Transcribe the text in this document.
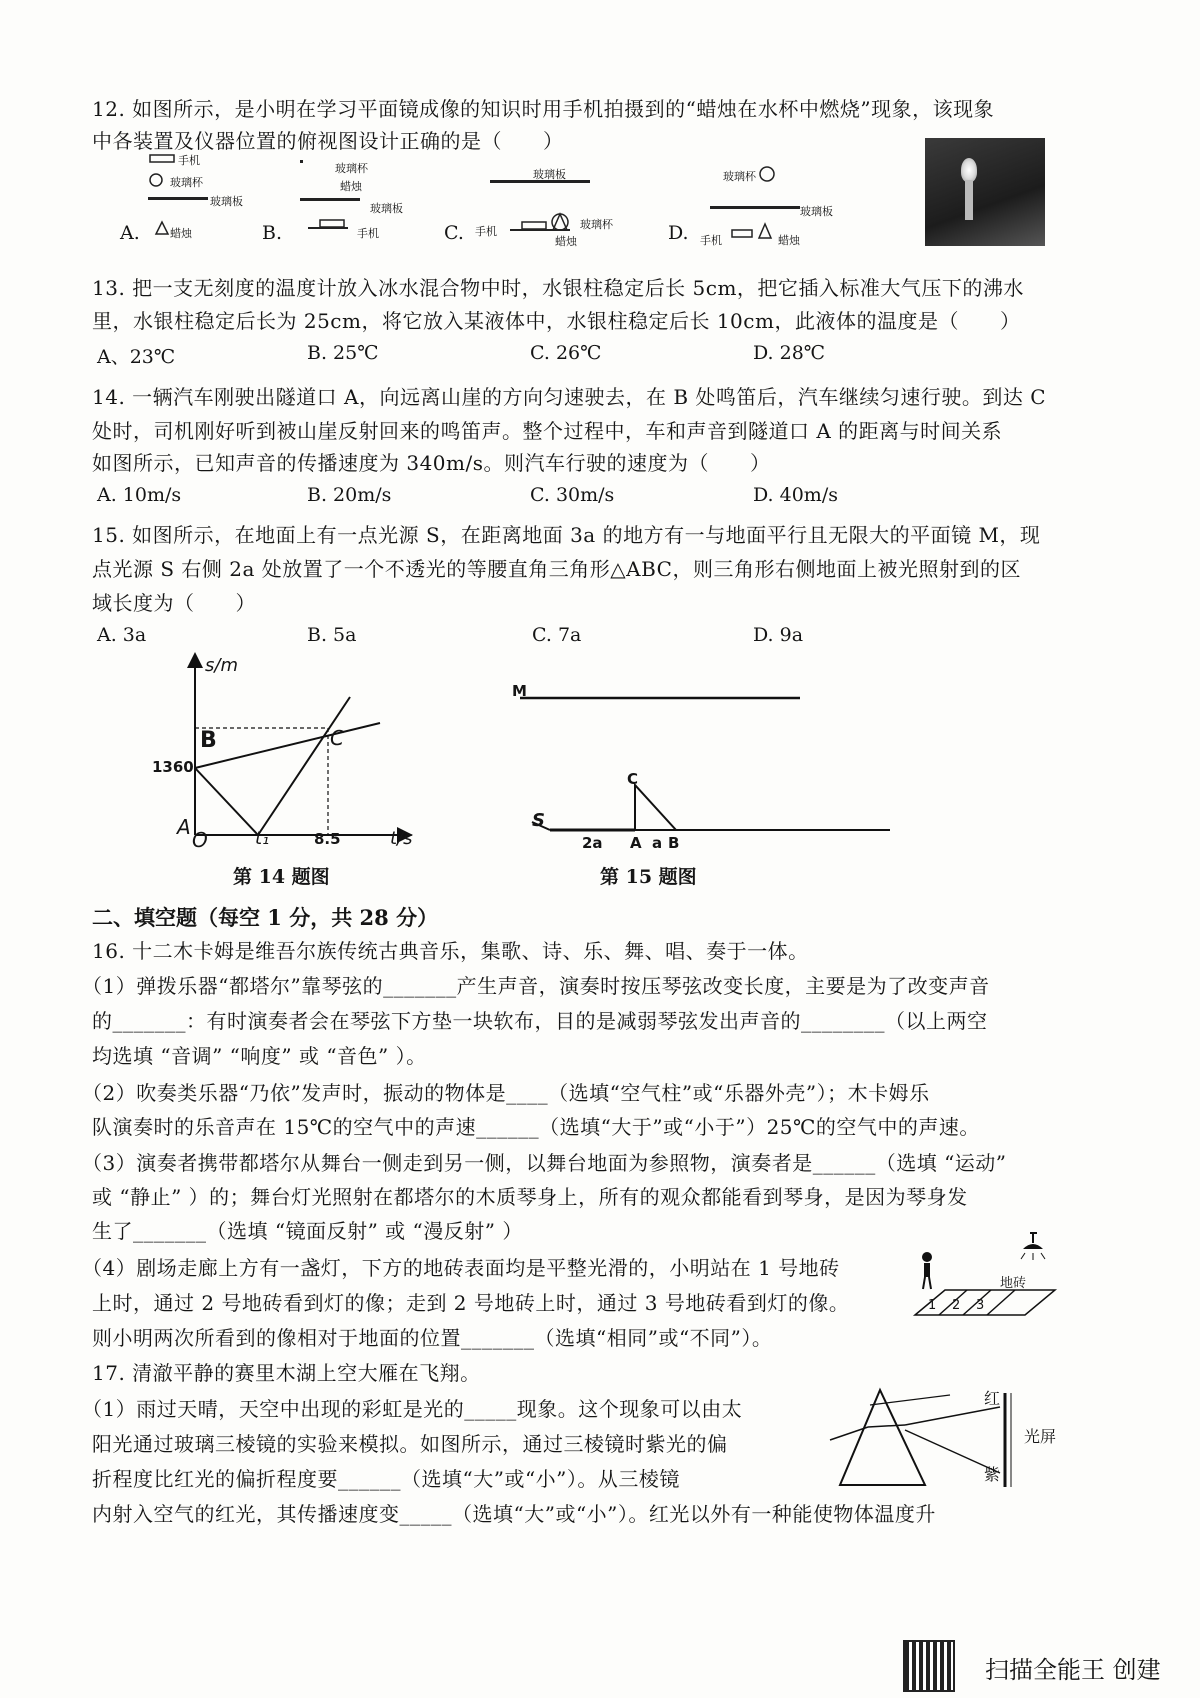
12. 如图所示，是小明在学习平面镜成像的知识时用手机拍摄到的“蜡烛在水杯中燃烧”现象，该现象
中各装置及仪器位置的俯视图设计正确的是（　　）
手机
玻璃杯
玻璃板
蜡烛
A.
玻璃杯
蜡烛
玻璃板
手机
B.
玻璃板
手机
玻璃杯
蜡烛
C.
玻璃杯
玻璃板
手机	蜡烛
D.
13. 把一支无刻度的温度计放入冰水混合物中时，水银柱稳定后长 5cm，把它插入标准大气压下的沸水
里，水银柱稳定后长为 25cm，将它放入某液体中，水银柱稳定后长 10cm，此液体的温度是（　　）
A、23℃	B. 25℃	C. 26℃	D. 28℃
14. 一辆汽车刚驶出隧道口 A，向远离山崖的方向匀速驶去，在 B 处鸣笛后，汽车继续匀速行驶。到达 C
处时，司机刚好听到被山崖反射回来的鸣笛声。整个过程中，车和声音到隧道口 A 的距离与时间关系
如图所示，已知声音的传播速度为 340m/s。则汽车行驶的速度为（　　）
A. 10m/s	B. 20m/s	C. 30m/s	D. 40m/s
15. 如图所示，在地面上有一点光源 S，在距离地面 3a 的地方有一与地面平行且无限大的平面镜 M，现
点光源 S 右侧 2a 处放置了一个不透光的等腰直角三角形△ABC，则三角形右侧地面上被光照射到的区
域长度为（　　）
A. 3a	B. 5a	C. 7a	D. 9a
s/m
t/s
1360
B	C
A
O	t₁	8.5
第 14 题图
M
S
C
2a A a B
第 15 题图
二、填空题（每空 1 分，共 28 分）
16. 十二木卡姆是维吾尔族传统古典音乐，集歌、诗、乐、舞、唱、奏于一体。
（1）弹拨乐器“都塔尔”靠琴弦的_______产生声音，演奏时按压琴弦改变长度，主要是为了改变声音
的_______：有时演奏者会在琴弦下方垫一块软布，目的是减弱琴弦发出声音的________（以上两空
均选填 “音调” “响度” 或 “音色” ）。
（2）吹奏类乐器“乃依”发声时，振动的物体是____（选填“空气柱”或“乐器外壳”）；木卡姆乐
队演奏时的乐音声在 15℃的空气中的声速______（选填“大于”或“小于”）25℃的空气中的声速。
（3）演奏者携带都塔尔从舞台一侧走到另一侧，以舞台地面为参照物，演奏者是______（选填 “运动”
或 “静止” ）的；舞台灯光照射在都塔尔的木质琴身上，所有的观众都能看到琴身，是因为琴身发
生了_______（选填 “镜面反射” 或 “漫反射” ）
（4）剧场走廊上方有一盏灯，下方的地砖表面均是平整光滑的，小明站在 1 号地砖
上时，通过 2 号地砖看到灯的像；走到 2 号地砖上时，通过 3 号地砖看到灯的像。
则小明两次所看到的像相对于地面的位置_______（选填“相同”或“不同”）。
地砖
1 2 3
17. 清澈平静的赛里木湖上空大雁在飞翔。
（1）雨过天晴，天空中出现的彩虹是光的_____现象。这个现象可以由太
阳光通过玻璃三棱镜的实验来模拟。如图所示，通过三棱镜时紫光的偏
折程度比红光的偏折程度要______（选填“大”或“小”）。从三棱镜
内射入空气的红光，其传播速度变_____（选填“大”或“小”）。红光以外有一种能使物体温度升
红
紫
光屏
扫描全能王 创建
